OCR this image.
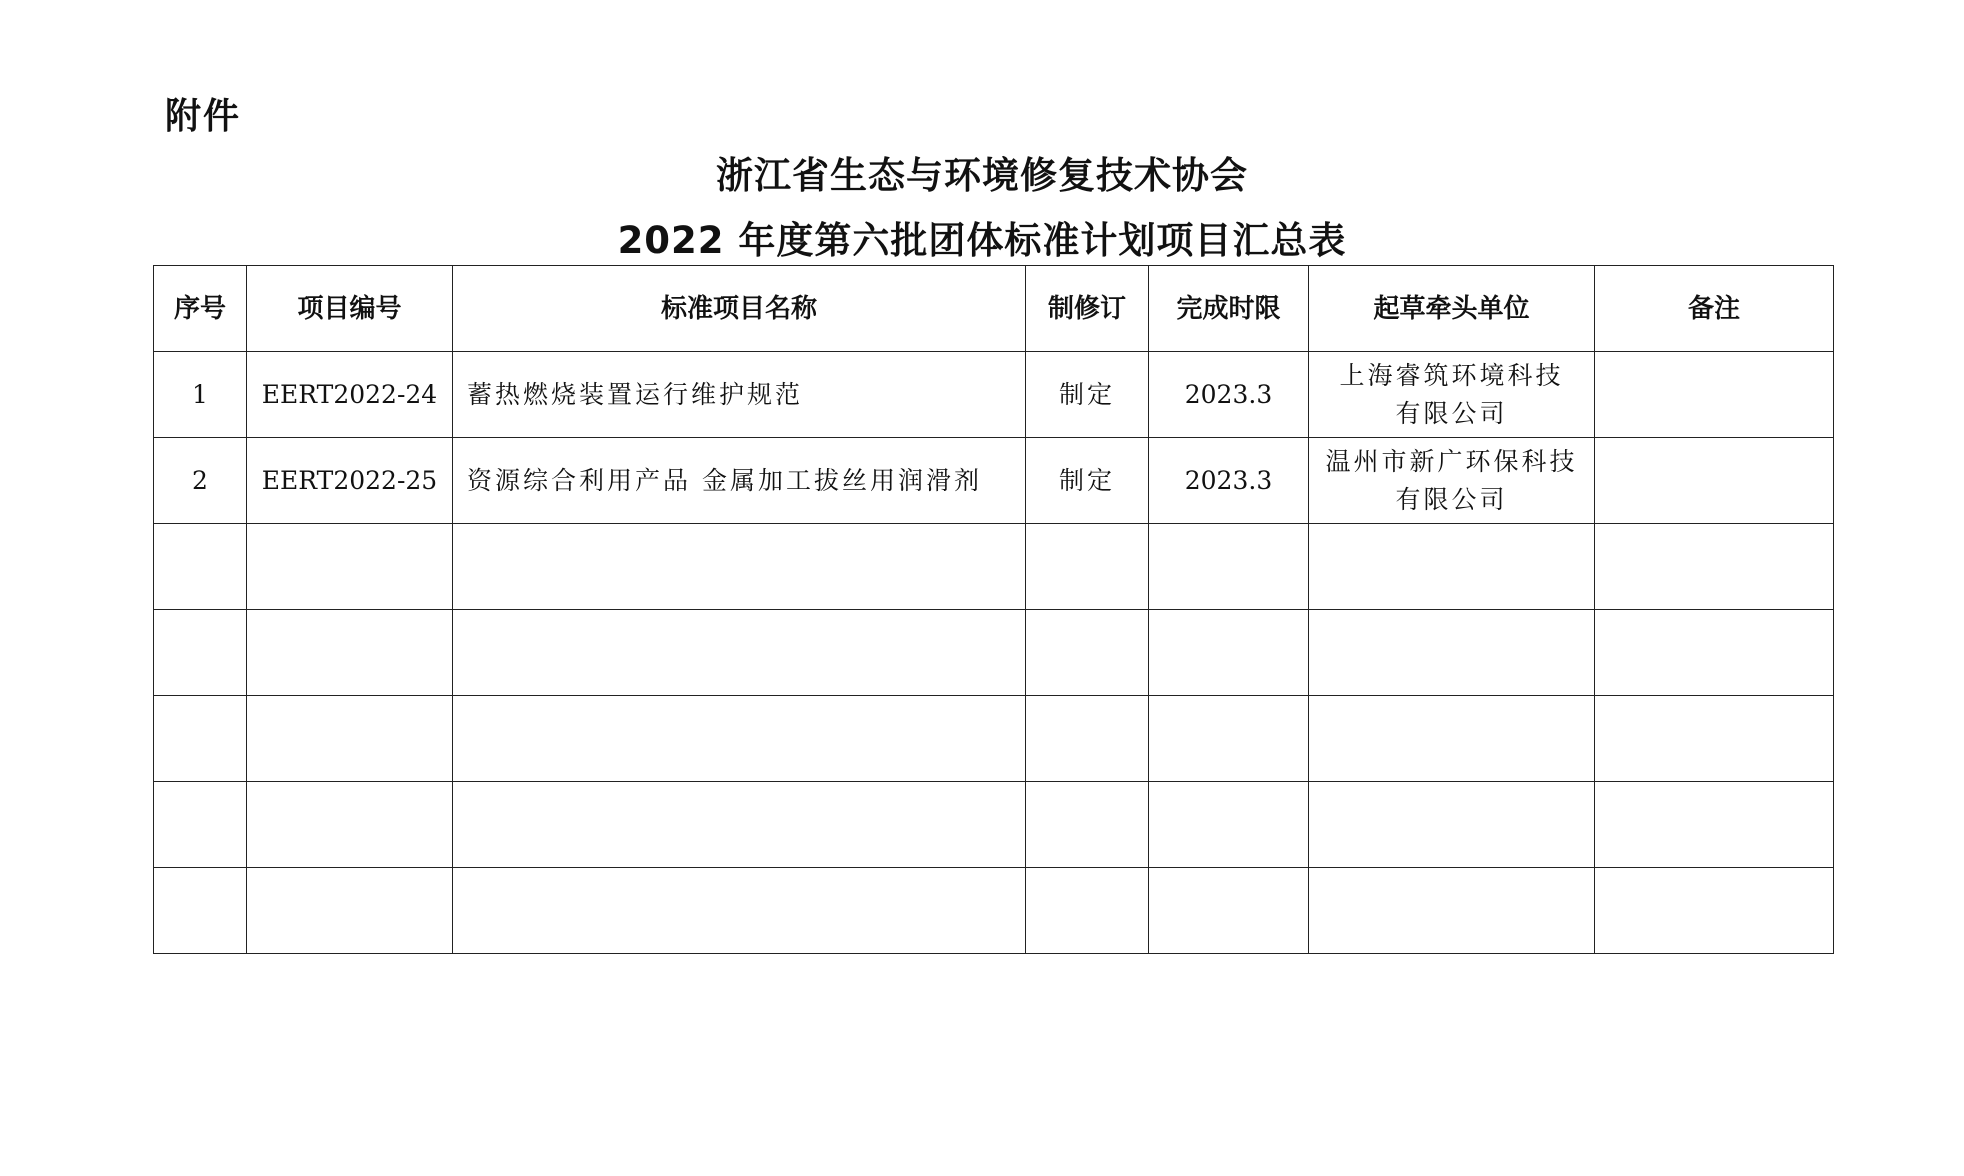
附件
浙江省生态与环境修复技术协会
2022 年度第六批团体标准计划项目汇总表
序号	项目编号	标准项目名称	制修订	完成时限	起草牵头单位	备注
1	EERT2022-24	蓄热燃烧装置运行维护规范	制定	2023.3	上海睿筑环境科技
有限公司	

2	EERT2022-25	资源综合利用产品 金属加工拔丝用润滑剂	制定	2023.3	温州市新广环保科技
有限公司	
